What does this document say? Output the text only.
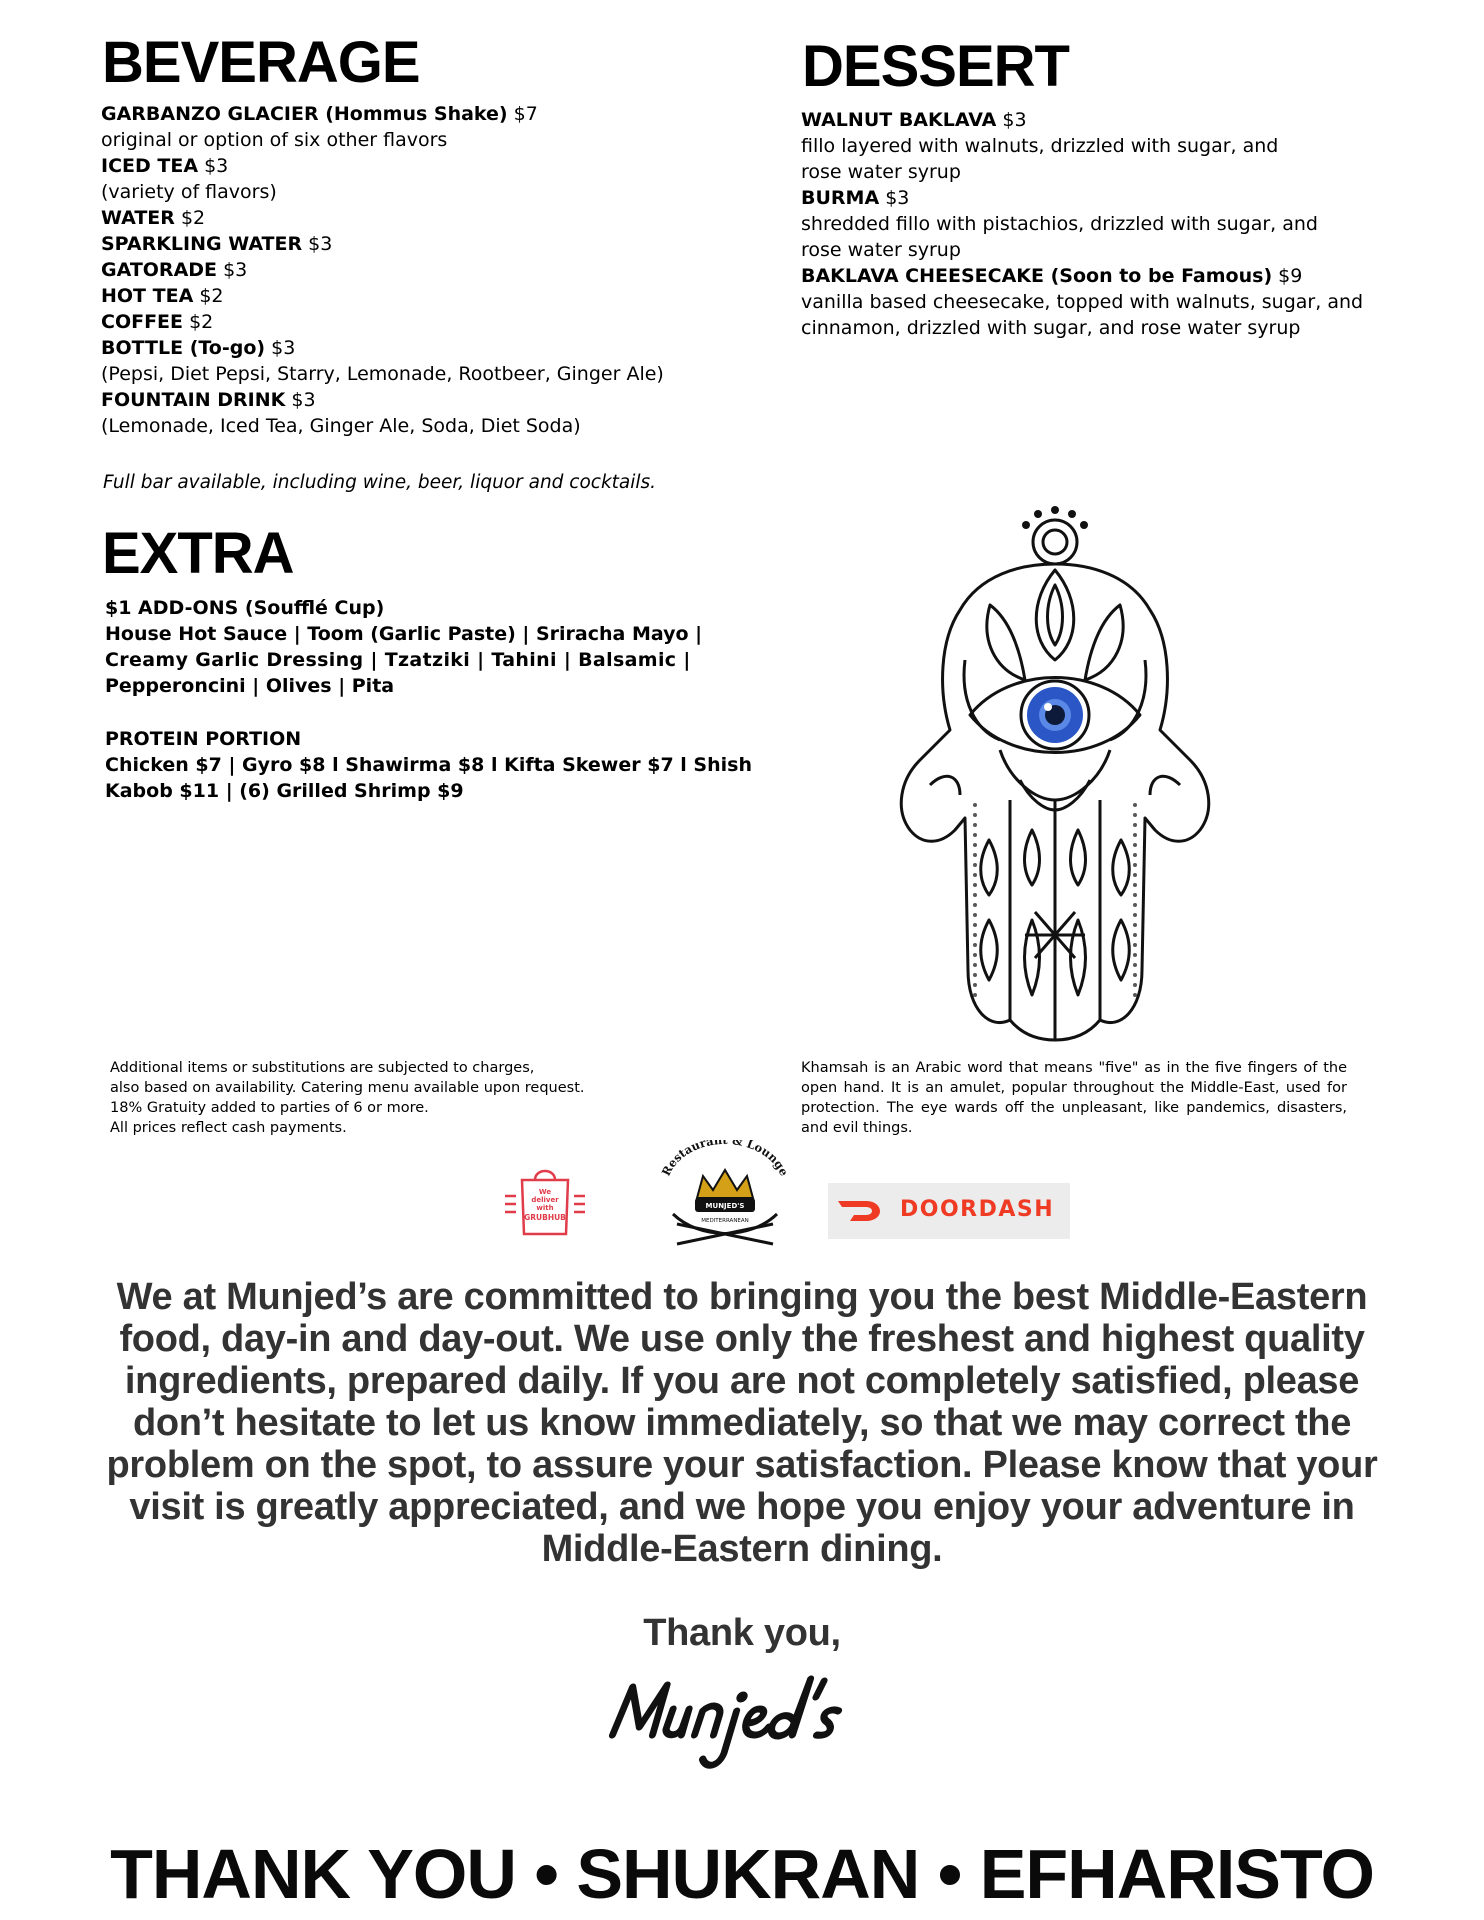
BEVERAGE
GARBANZO GLACIER (Hommus Shake) $7
original or option of six other flavors
ICED TEA $3
(variety of flavors)
WATER $2
SPARKLING WATER $3
GATORADE $3
HOT TEA $2
COFFEE $2
BOTTLE (To-go) $3
(Pepsi, Diet Pepsi, Starry, Lemonade, Rootbeer, Ginger Ale)
FOUNTAIN DRINK $3
(Lemonade, Iced Tea, Ginger Ale, Soda, Diet Soda)
Full bar available, including wine, beer, liquor and cocktails.
DESSERT
WALNUT BAKLAVA $3
fillo layered with walnuts, drizzled with sugar, and
rose water syrup
BURMA $3
shredded fillo with pistachios, drizzled with sugar, and
rose water syrup
BAKLAVA CHEESECAKE (Soon to be Famous) $9
vanilla based cheesecake, topped with walnuts, sugar, and
cinnamon, drizzled with sugar, and rose water syrup
EXTRA
$1 ADD-ONS (Soufflé Cup)
House Hot Sauce | Toom (Garlic Paste) | Sriracha Mayo |
Creamy Garlic Dressing | Tzatziki | Tahini | Balsamic |
Pepperoncini | Olives | Pita
PROTEIN PORTION
Chicken $7 | Gyro $8 l Shawirma $8 l Kifta Skewer $7 l Shish
Kabob $11 | (6) Grilled Shrimp $9
Additional items or substitutions are subjected to charges,
also based on availability. Catering menu available upon request.
18% Gratuity added to parties of 6 or more.
All prices reflect cash payments.
Khamsah is an Arabic word that means "five" as in the five fingers of the open hand. It is an amulet, popular throughout the Middle-East, used for protection. The eye wards off the unpleasant, like pandemics, disasters, and evil things.
We
deliver
with
GRUBHUB
Restaurant & Lounge
MUNJED'S
MEDITERRANEAN	DOORDASH
We at Munjed’s are committed to bringing you the best Middle-Eastern
food, day-in and day-out. We use only the freshest and highest quality
ingredients, prepared daily. If you are not completely satisfied, please
don’t hesitate to let us know immediately, so that we may correct the
problem on the spot, to assure your satisfaction. Please know that your
visit is greatly appreciated, and we hope you enjoy your adventure in
Middle-Eastern dining.
Thank you,
THANK YOU • SHUKRAN • EFHARISTO
